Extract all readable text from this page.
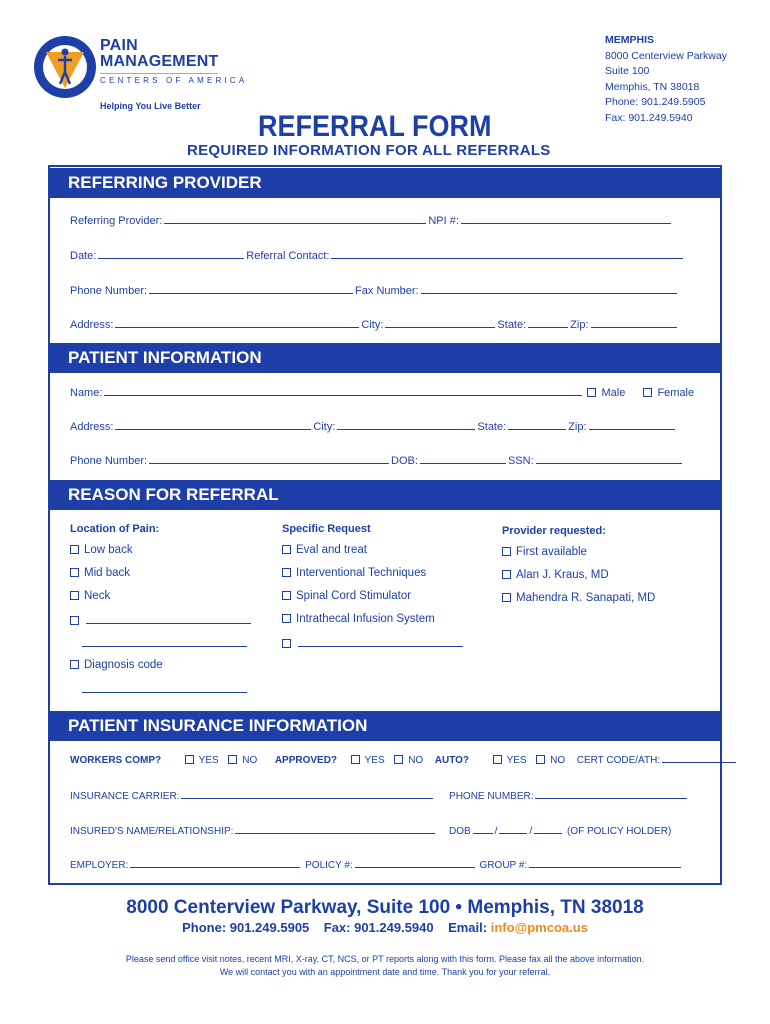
PAIN
MANAGEMENT
CENTERS OF AMERICA
Helping You Live Better
MEMPHIS
8000 Centerview Parkway
Suite 100
Memphis, TN 38018
Phone: 901.249.5905
Fax: 901.249.5940
REFERRAL FORM
REQUIRED INFORMATION FOR ALL REFERRALS
REFERRING PROVIDER
Referring Provider:	NPI #:
Date:	Referral Contact:
Phone Number:	Fax Number:
Address:	City:	State:	Zip:
PATIENT INFORMATION
Name:	Male	Female
Address:	City:	State:	Zip:
Phone Number:	DOB:	SSN:
REASON FOR REFERRAL
Location of Pain:
Low back
Mid back
Neck
Diagnosis code
Specific Request
Eval and treat
Interventional Techniques
Spinal Cord Stimulator
Intrathecal Infusion System
Provider requested:
First available
Alan J. Kraus, MD
Mahendra R. Sanapati, MD
PATIENT INSURANCE INFORMATION
WORKERS COMP?	YES NO APPROVED?	YES NO AUTO?	YES NO CERT CODE/ATH:
INSURANCE CARRIER:	PHONE NUMBER:
INSURED'S NAME/RELATIONSHIP:	DOB /	/	(OF POLICY HOLDER)
EMPLOYER:	POLICY #:	GROUP #:
8000 Centerview Parkway, Suite 100 • Memphis, TN 38018
Phone: 901.249.5905 Fax: 901.249.5940 Email: info@pmcoa.us
Please send office visit notes, recent MRI, X-ray, CT, NCS, or PT reports along with this form. Please fax all the above information.
We will contact you with an appointment date and time. Thank you for your referral.
